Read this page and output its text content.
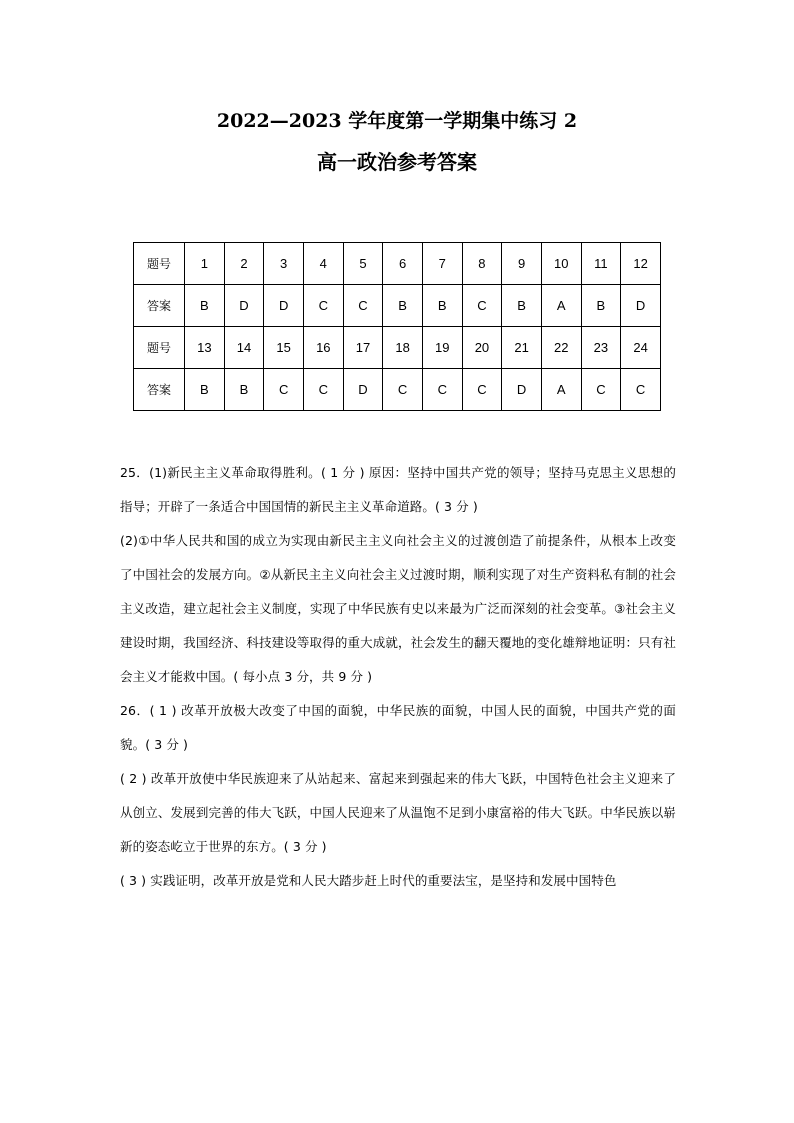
2022—2023 学年度第一学期集中练习 2
高一政治参考答案
题号	1	2	3	4	5	6	7	8	9	10	11	12
答案	B	D	D	C	C	B	B	C	B	A	B	D
题号	13	14	15	16	17	18	19	20	21	22	23	24
答案	B	B	C	C	D	C	C	C	D	A	C	C

25．(1)新民主主义革命取得胜利。( 1 分 ) 原因：坚持中国共产党的领导；坚持马克思主义思想的指导；开辟了一条适合中国国情的新民主主义革命道路。( 3 分 )

(2)①中华人民共和国的成立为实现由新民主主义向社会主义的过渡创造了前提条件，从根本上改变了中国社会的发展方向。②从新民主主义向社会主义过渡时期，顺利实现了对生产资料私有制的社会主义改造，建立起社会主义制度，实现了中华民族有史以来最为广泛而深刻的社会变革。③社会主义建设时期，我国经济、科技建设等取得的重大成就，社会发生的翻天覆地的变化雄辩地证明：只有社会主义才能救中国。( 每小点 3 分，共 9 分 )

26．( 1 ) 改革开放极大改变了中国的面貌，中华民族的面貌，中国人民的面貌，中国共产党的面貌。( 3 分 )

( 2 ) 改革开放使中华民族迎来了从站起来、富起来到强起来的伟大飞跃，中国特色社会主义迎来了从创立、发展到完善的伟大飞跃，中国人民迎来了从温饱不足到小康富裕的伟大飞跃。中华民族以崭新的姿态屹立于世界的东方。( 3 分 )

( 3 ) 实践证明，改革开放是党和人民大踏步赶上时代的重要法宝，是坚持和发展中国特色
